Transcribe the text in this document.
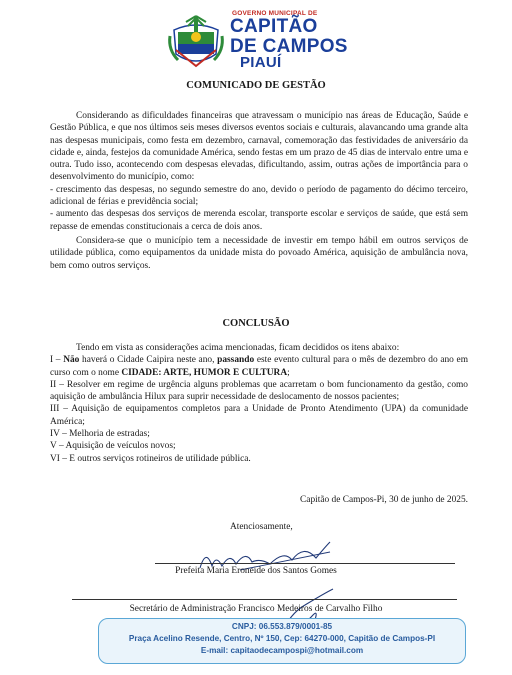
GOVERNO MUNICIPAL DE
CAPITÃO
DE CAMPOS
PIAUÍ
COMUNICADO DE GESTÃO

Considerando as dificuldades financeiras que atravessam o município nas áreas de Educação, Saúde e Gestão Pública, e que nos últimos seis meses diversos eventos sociais e culturais, alavancando uma grande alta nas despesas municipais, como festa em dezembro, carnaval, comemoração das festividades de aniversário da cidade e, ainda, festejos da comunidade América, sendo festas em um prazo de 45 dias de intervalo entre uma e outra. Tudo isso, acontecendo com despesas elevadas, dificultando, assim, outras ações de importância para o desenvolvimento do município, como:

- crescimento das despesas, no segundo semestre do ano, devido o período de pagamento do décimo terceiro, adicional de férias e previdência social;

- aumento das despesas dos serviços de merenda escolar, transporte escolar e serviços de saúde, que está sem repasse de emendas constitucionais a cerca de dois anos.

Considera-se que o município tem a necessidade de investir em tempo hábil em outros serviços de utilidade pública, como equipamentos da unidade mista do povoado América, aquisição de ambulância nova, bem como outros serviços.

CONCLUSÃO

Tendo em vista as considerações acima mencionadas, ficam decididos os itens abaixo:

I – Não haverá o Cidade Caipira neste ano, passando este evento cultural para o mês de dezembro do ano em curso com o nome CIDADE: ARTE, HUMOR E CULTURA;

II – Resolver em regime de urgência alguns problemas que acarretam o bom funcionamento da gestão, como aquisição de ambulância Hilux para suprir necessidade de deslocamento de nossos pacientes;

III – Aquisição de equipamentos completos para a Unidade de Pronto Atendimento (UPA) da comunidade América;

IV – Melhoria de estradas;

V – Aquisição de veículos novos;

VI – E outros serviços rotineiros de utilidade pública.

Capitão de Campos-Pi, 30 de junho de 2025.
Atenciosamente,
Prefeita Maria Eroneide dos Santos Gomes
Secretário de Administração Francisco Medeiros de Carvalho Filho
CNPJ: 06.553.879/0001-85
Praça Acelino Resende, Centro, Nº 150, Cep: 64270-000, Capitão de Campos-PI
E-mail: capitaodecampospi@hotmail.com
